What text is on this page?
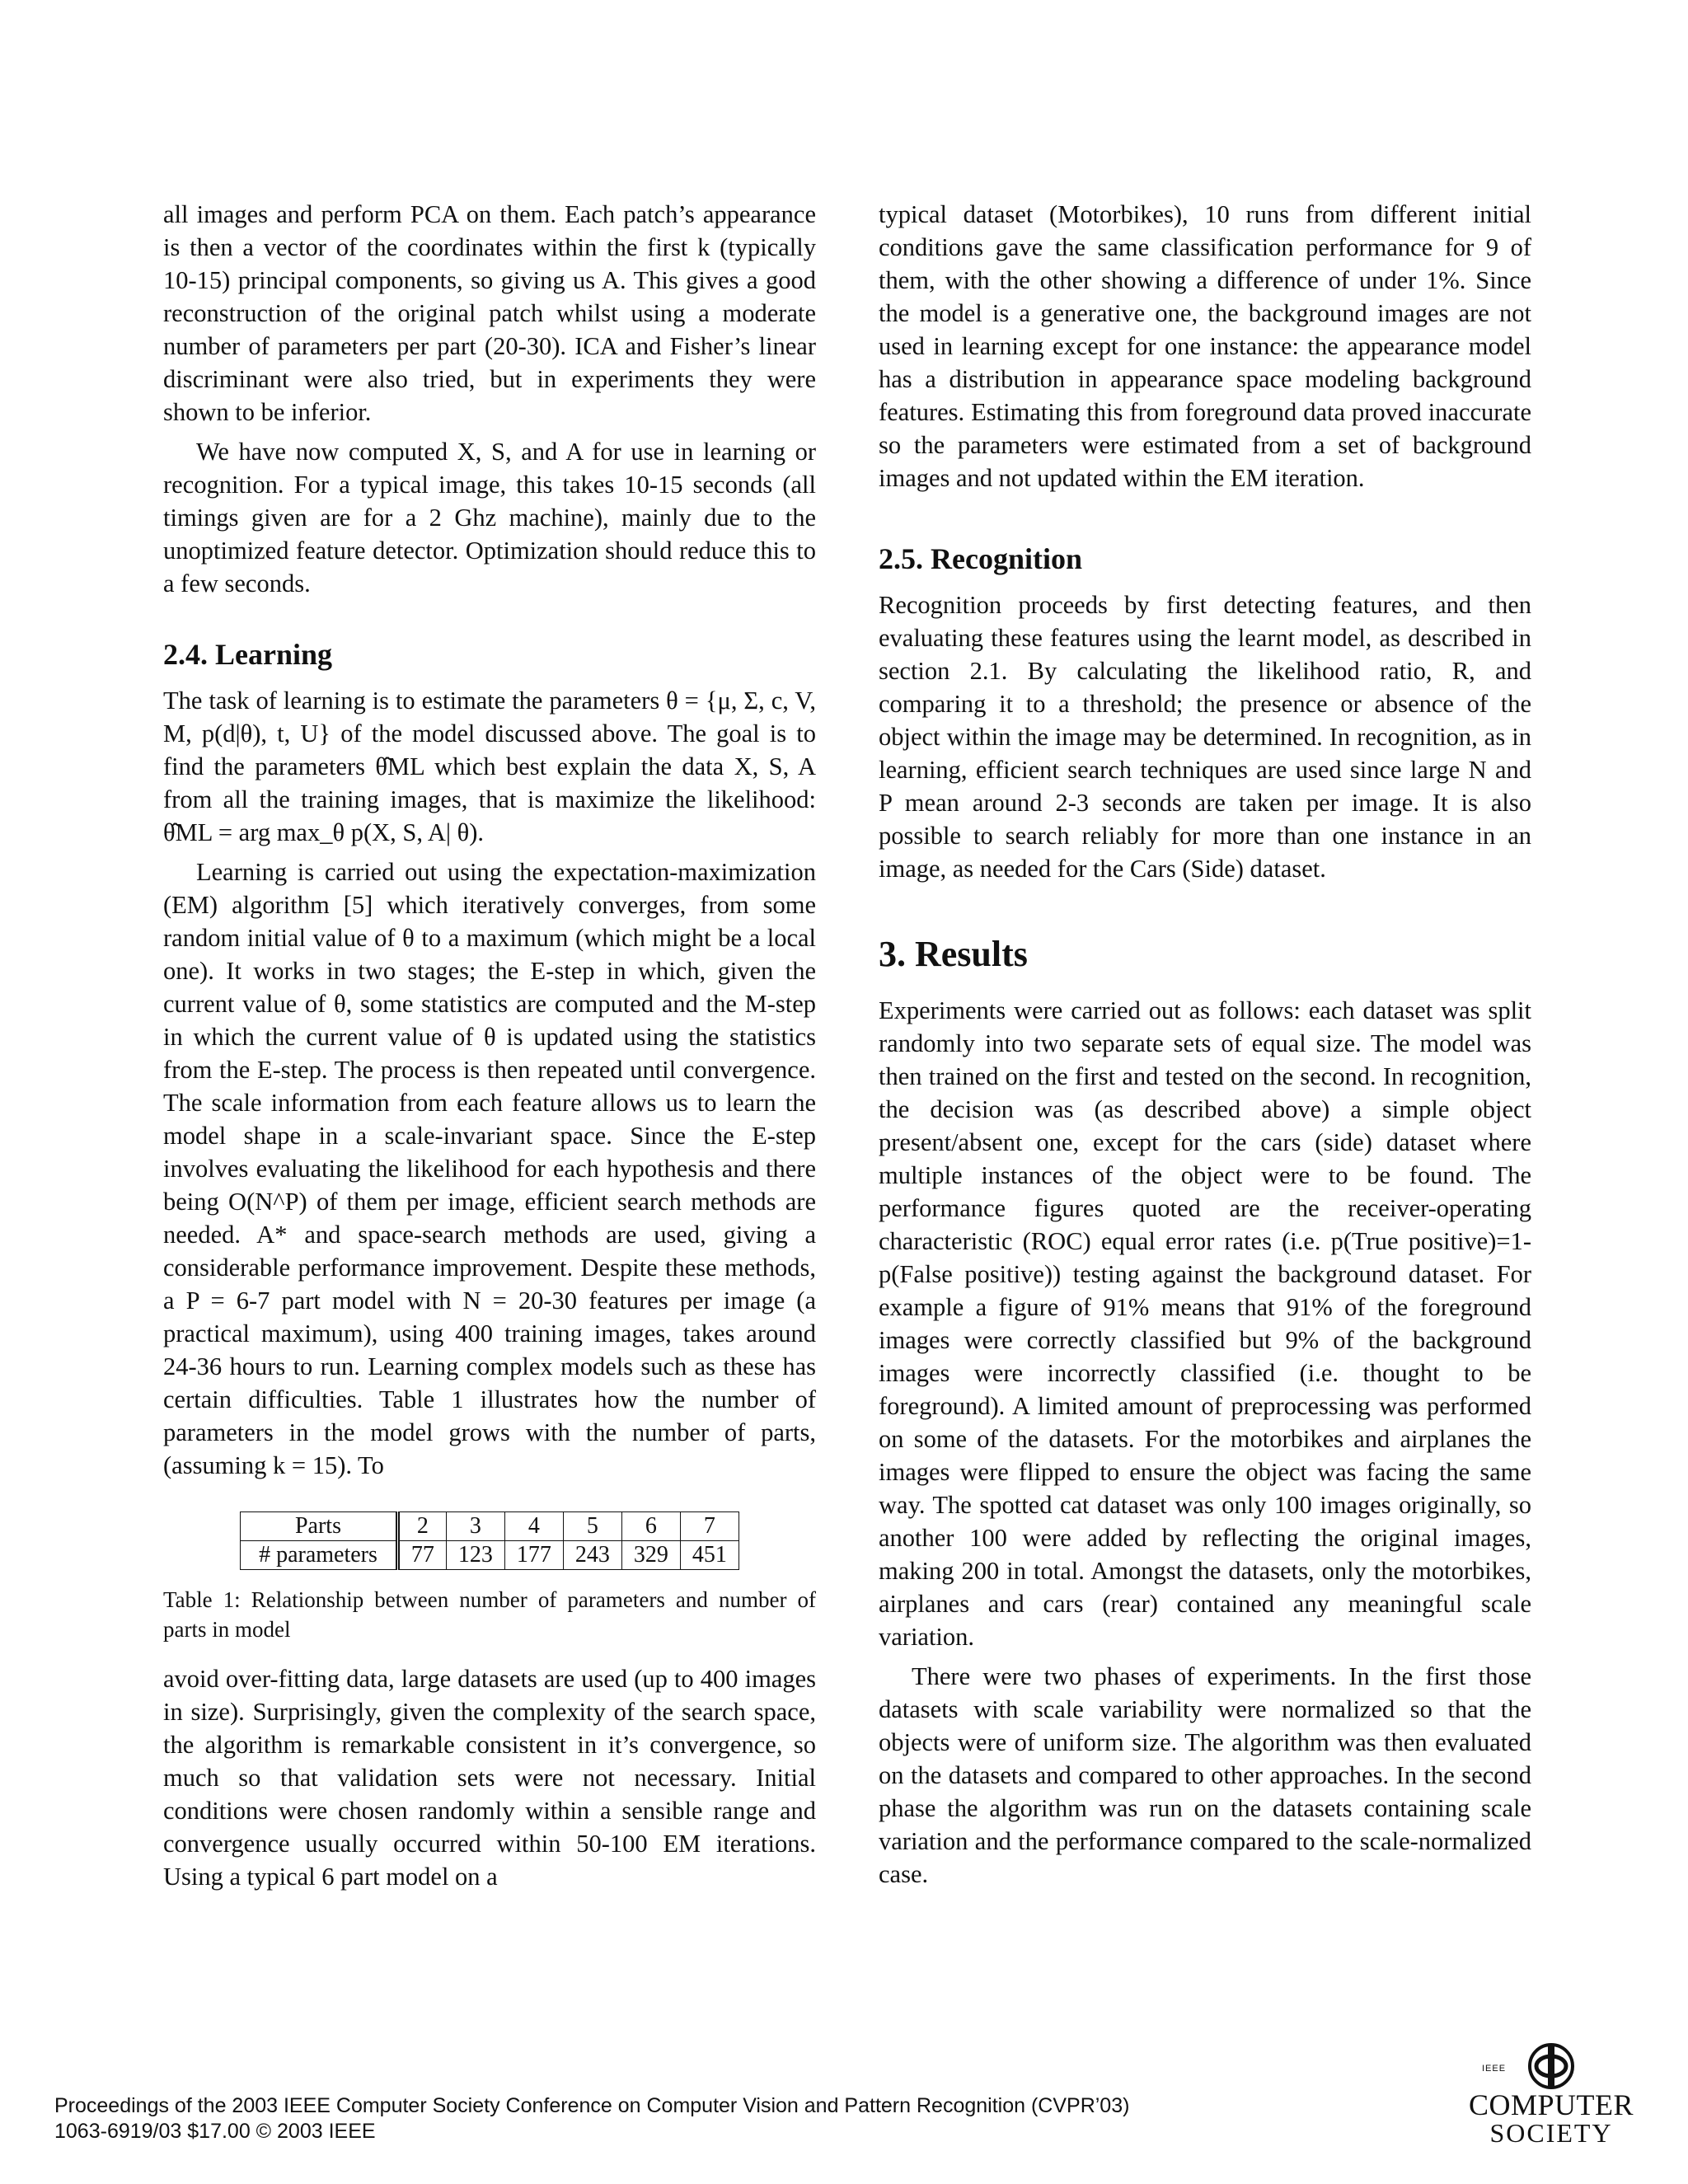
all images and perform PCA on them. Each patch’s appearance is then a vector of the coordinates within the first k (typically 10-15) principal components, so giving us A. This gives a good reconstruction of the original patch whilst using a moderate number of parameters per part (20-30). ICA and Fisher’s linear discriminant were also tried, but in experiments they were shown to be inferior.

We have now computed X, S, and A for use in learning or recognition. For a typical image, this takes 10-15 seconds (all timings given are for a 2 Ghz machine), mainly due to the unoptimized feature detector. Optimization should reduce this to a few seconds.

2.4. Learning

The task of learning is to estimate the parameters θ = {μ, Σ, c, V, M, p(d|θ), t, U} of the model discussed above. The goal is to find the parameters θ̂ML which best explain the data X, S, A from all the training images, that is maximize the likelihood: θ̂ML = arg max_θ p(X, S, A| θ).

Learning is carried out using the expectation-maximization (EM) algorithm [5] which iteratively converges, from some random initial value of θ to a maximum (which might be a local one). It works in two stages; the E-step in which, given the current value of θ, some statistics are computed and the M-step in which the current value of θ is updated using the statistics from the E-step. The process is then repeated until convergence. The scale information from each feature allows us to learn the model shape in a scale-invariant space. Since the E-step involves evaluating the likelihood for each hypothesis and there being O(N^P) of them per image, efficient search methods are needed. A* and space-search methods are used, giving a considerable performance improvement. Despite these methods, a P = 6-7 part model with N = 20-30 features per image (a practical maximum), using 400 training images, takes around 24-36 hours to run. Learning complex models such as these has certain difficulties. Table 1 illustrates how the number of parameters in the model grows with the number of parts, (assuming k = 15). To

Parts	2	3	4	5	6	7
# parameters	77	123	177	243	329	451

Table 1: Relationship between number of parameters and number of parts in model

avoid over-fitting data, large datasets are used (up to 400 images in size). Surprisingly, given the complexity of the search space, the algorithm is remarkable consistent in it’s convergence, so much so that validation sets were not necessary. Initial conditions were chosen randomly within a sensible range and convergence usually occurred within 50-100 EM iterations. Using a typical 6 part model on a

typical dataset (Motorbikes), 10 runs from different initial conditions gave the same classification performance for 9 of them, with the other showing a difference of under 1%. Since the model is a generative one, the background images are not used in learning except for one instance: the appearance model has a distribution in appearance space modeling background features. Estimating this from foreground data proved inaccurate so the parameters were estimated from a set of background images and not updated within the EM iteration.

2.5. Recognition

Recognition proceeds by first detecting features, and then evaluating these features using the learnt model, as described in section 2.1. By calculating the likelihood ratio, R, and comparing it to a threshold; the presence or absence of the object within the image may be determined. In recognition, as in learning, efficient search techniques are used since large N and P mean around 2-3 seconds are taken per image. It is also possible to search reliably for more than one instance in an image, as needed for the Cars (Side) dataset.

3. Results

Experiments were carried out as follows: each dataset was split randomly into two separate sets of equal size. The model was then trained on the first and tested on the second. In recognition, the decision was (as described above) a simple object present/absent one, except for the cars (side) dataset where multiple instances of the object were to be found. The performance figures quoted are the receiver-operating characteristic (ROC) equal error rates (i.e. p(True positive)=1-p(False positive)) testing against the background dataset. For example a figure of 91% means that 91% of the foreground images were correctly classified but 9% of the background images were incorrectly classified (i.e. thought to be foreground). A limited amount of preprocessing was performed on some of the datasets. For the motorbikes and airplanes the images were flipped to ensure the object was facing the same way. The spotted cat dataset was only 100 images originally, so another 100 were added by reflecting the original images, making 200 in total. Amongst the datasets, only the motorbikes, airplanes and cars (rear) contained any meaningful scale variation.

There were two phases of experiments. In the first those datasets with scale variability were normalized so that the objects were of uniform size. The algorithm was then evaluated on the datasets and compared to other approaches. In the second phase the algorithm was run on the datasets containing scale variation and the performance compared to the scale-normalized case.

Proceedings of the 2003 IEEE Computer Society Conference on Computer Vision and Pattern Recognition (CVPR’03)
1063-6919/03 $17.00 © 2003 IEEE
IEEE
COMPUTER
SOCIETY
